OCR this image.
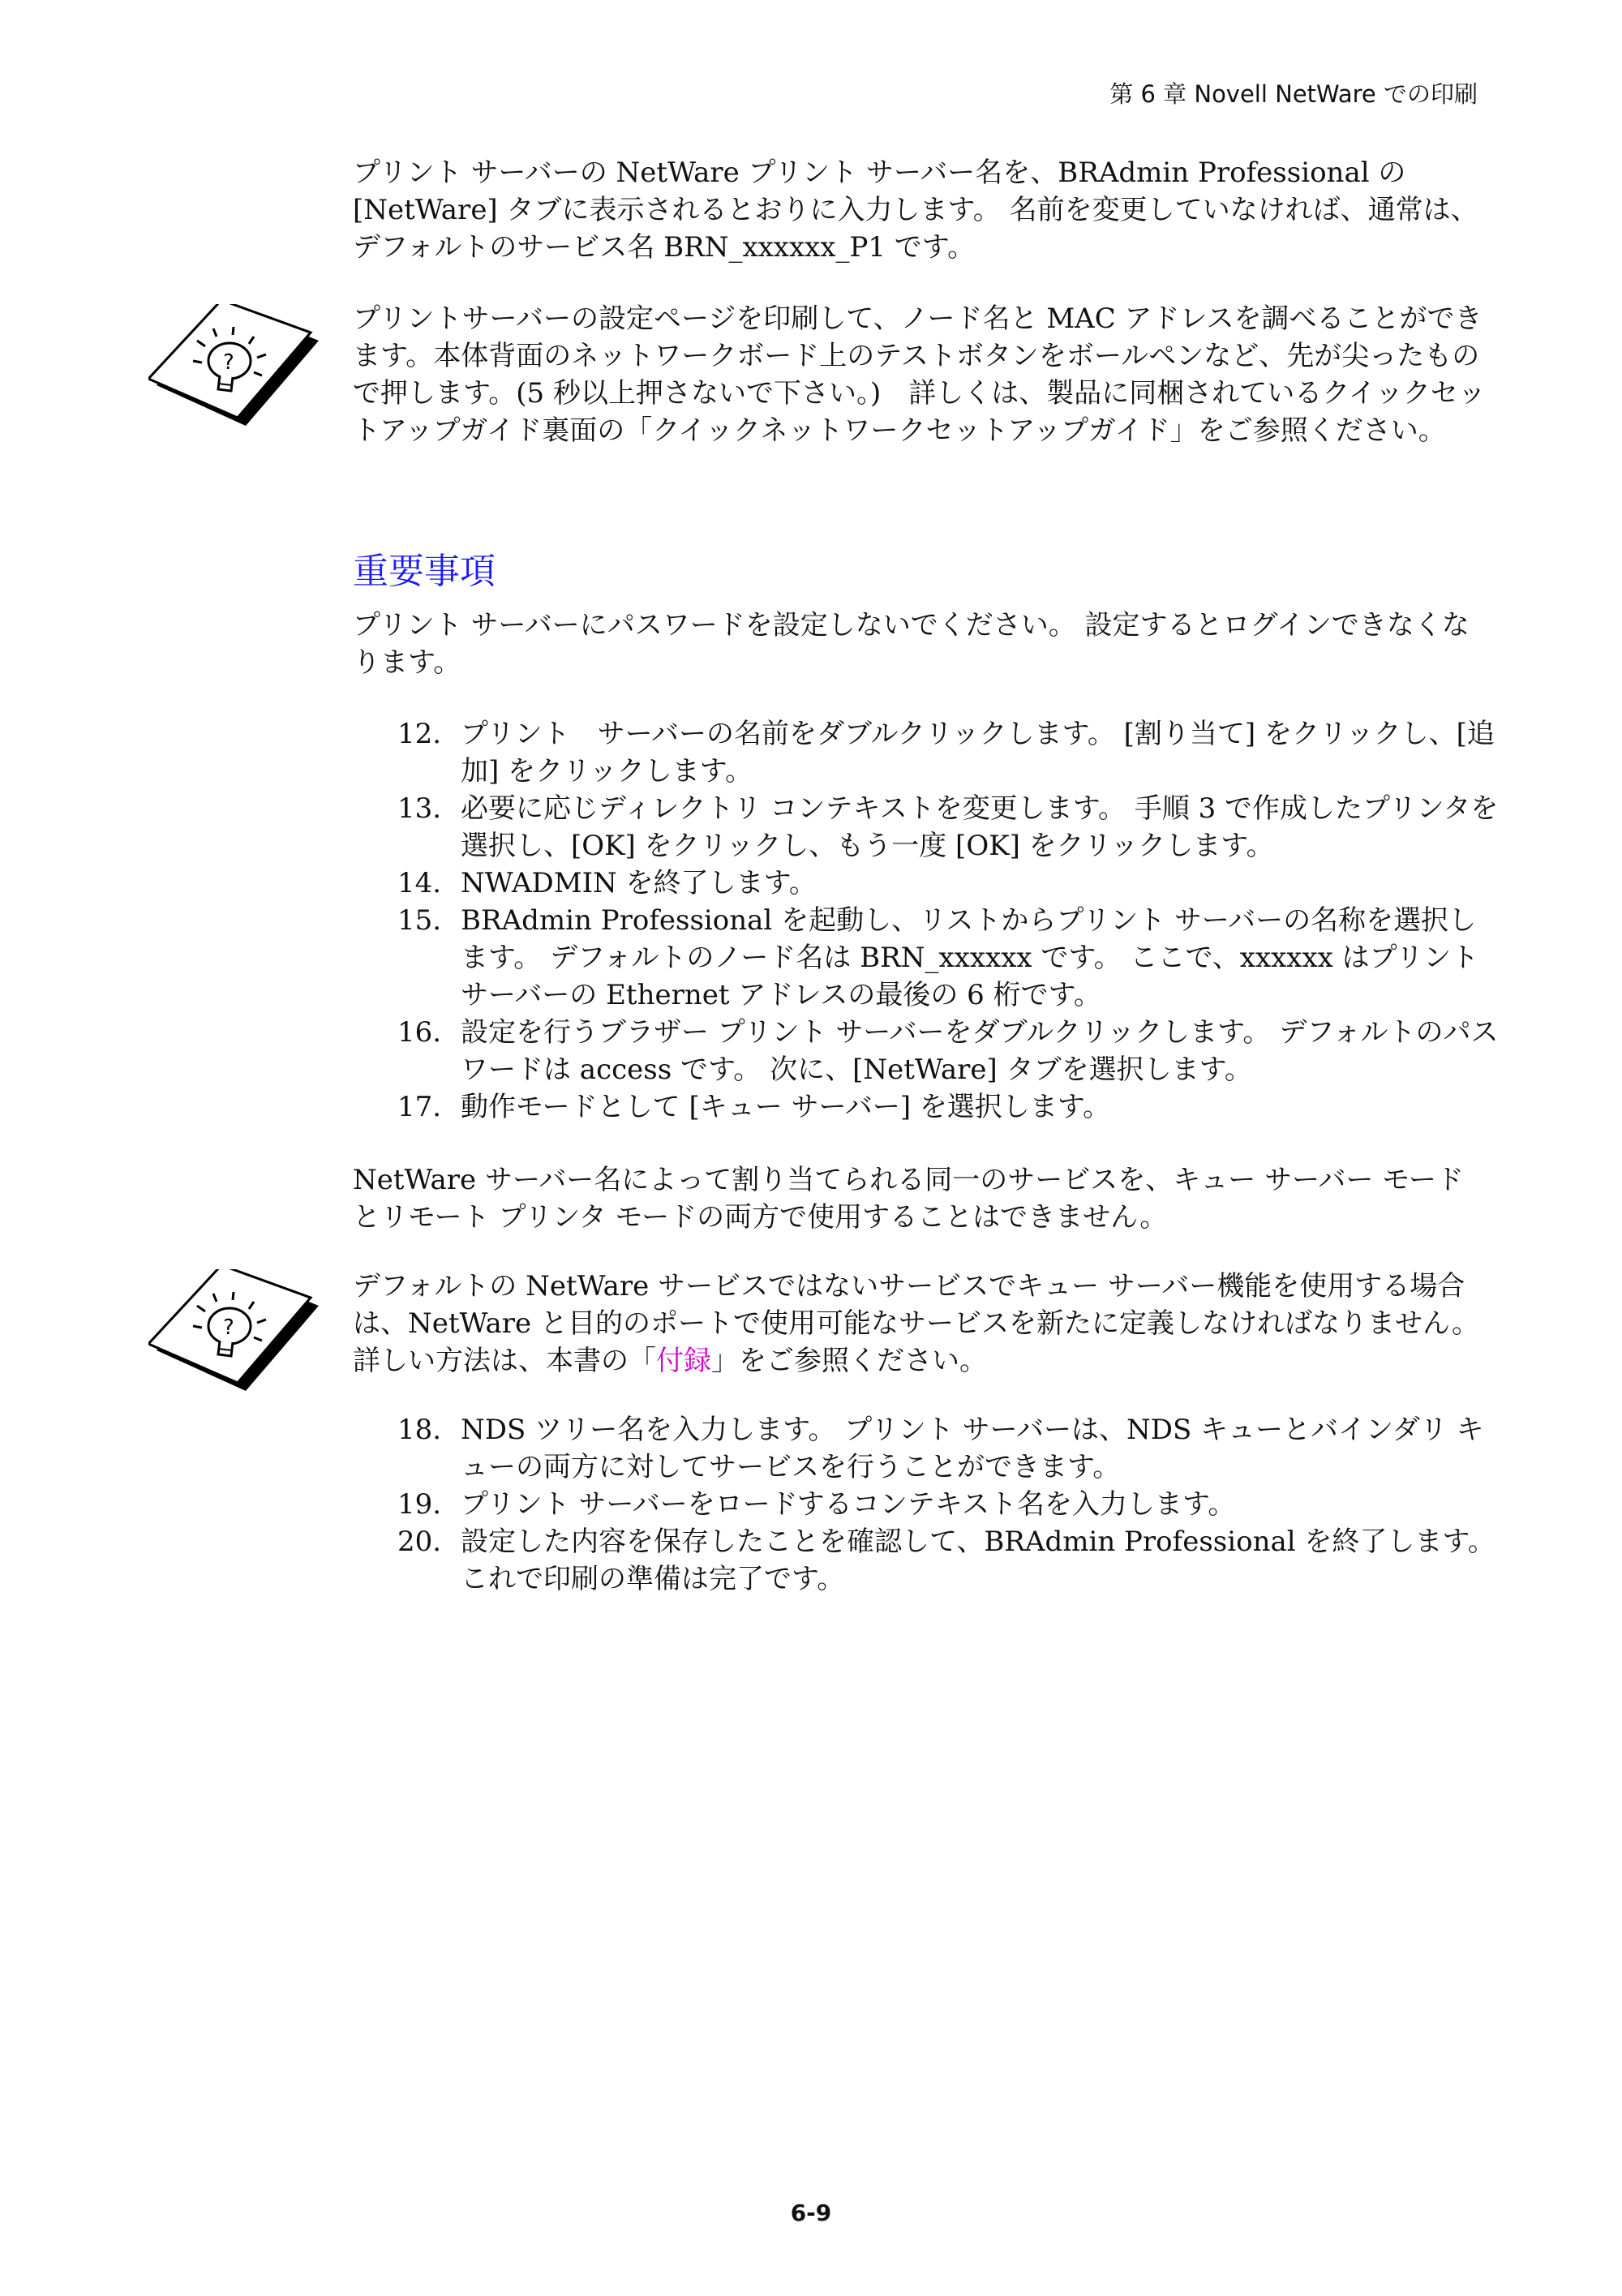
第 6 章 Novell NetWare での印刷

プリント サーバーの NetWare プリント サーバー名を、BRAdmin Professional の [NetWare] タブに表示されるとおりに入力します。 名前を変更していなければ、通常は、デフォルトのサービス名 BRN_xxxxxx_P1 です。

?

プリントサーバーの設定ページを印刷して、ノード名と MAC アドレスを調べることができます。本体背面のネットワークボード上のテストボタンをボールペンなど、先が尖ったもので押します。(5 秒以上押さないで下さい。)　詳しくは、製品に同梱されているクイックセットアップガイド裏面の「クイックネットワークセットアップガイド」をご参照ください。

重要事項

プリント サーバーにパスワードを設定しないでください。 設定するとログインできなくなります。

12. プリント　サーバーの名前をダブルクリックします。 [割り当て] をクリックし、[追加] をクリックします。
13. 必要に応じディレクトリ コンテキストを変更します。 手順 3 で作成したプリンタを選択し、[OK] をクリックし、もう一度 [OK] をクリックします。
14. NWADMIN を終了します。
15. BRAdmin Professional を起動し、リストからプリント サーバーの名称を選択します。 デフォルトのノード名は BRN_xxxxxx です。 ここで、xxxxxx はプリントサーバーの Ethernet アドレスの最後の 6 桁です。
16. 設定を行うブラザー プリント サーバーをダブルクリックします。 デフォルトのパスワードは access です。 次に、[NetWare] タブを選択します。
17. 動作モードとして [キュー サーバー] を選択します。

NetWare サーバー名によって割り当てられる同一のサービスを、キュー サーバー モードとリモート プリンタ モードの両方で使用することはできません。

?

デフォルトの NetWare サービスではないサービスでキュー サーバー機能を使用する場合は、NetWare と目的のポートで使用可能なサービスを新たに定義しなければなりません。 詳しい方法は、本書の「付録」をご参照ください。

18. NDS ツリー名を入力します。 プリント サーバーは、NDS キューとバインダリ キューの両方に対してサービスを行うことができます。
19. プリント サーバーをロードするコンテキスト名を入力します。
20. 設定した内容を保存したことを確認して、BRAdmin Professional を終了します。これで印刷の準備は完了です。
6-9
